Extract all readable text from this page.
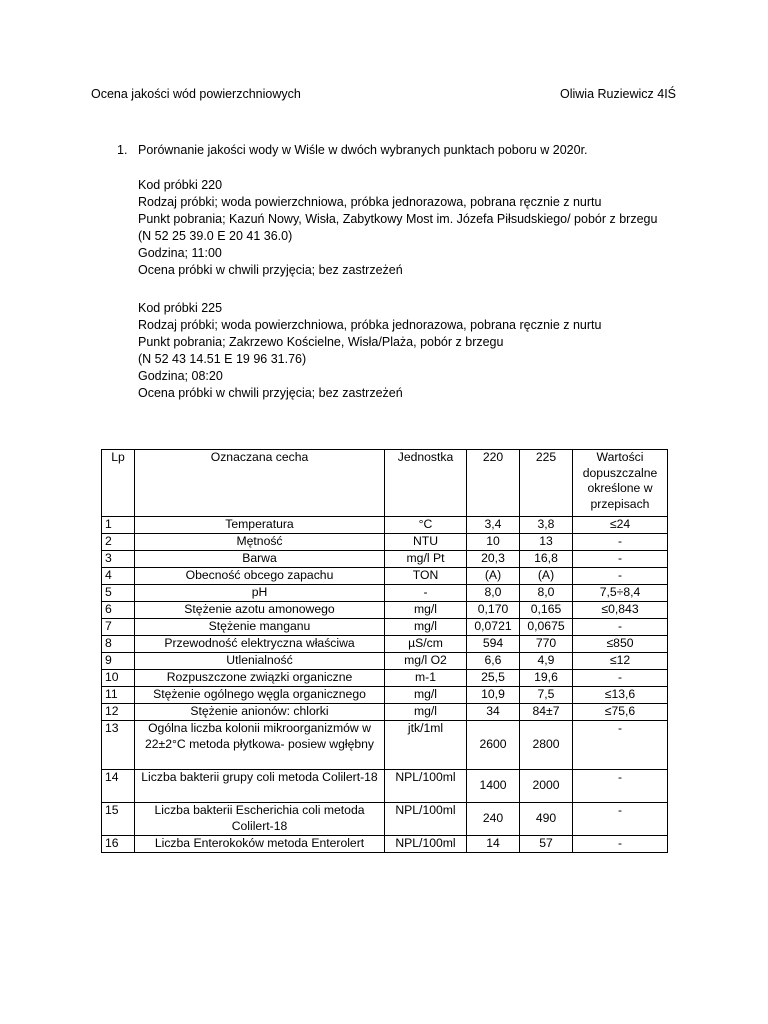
Ocena jakości wód powierzchniowych	Oliwia Ruziewicz 4IŚ
1. Porównanie jakości wody w Wiśle w dwóch wybranych punktach poboru w 2020r.
Kod próbki 220
Rodzaj próbki; woda powierzchniowa, próbka jednorazowa, pobrana ręcznie z nurtu
Punkt pobrania; Kazuń Nowy, Wisła, Zabytkowy Most im. Józefa Piłsudskiego/ pobór z brzegu
(N 52 25 39.0 E 20 41 36.0)
Godzina; 11:00
Ocena próbki w chwili przyjęcia; bez zastrzeżeń
Kod próbki 225
Rodzaj próbki; woda powierzchniowa, próbka jednorazowa, pobrana ręcznie z nurtu
Punkt pobrania; Zakrzewo Kościelne, Wisła/Plaża, pobór z brzegu
(N 52 43 14.51 E 19 96 31.76)
Godzina; 08:20
Ocena próbki w chwili przyjęcia; bez zastrzeżeń
Lp	Oznaczana cecha	Jednostka	220	225	Wartości dopuszczalne określone w przepisach
1	Temperatura	°C	3,4	3,8	≤24
2	Mętność	NTU	10	13	-
3	Barwa	mg/l Pt	20,3	16,8	-
4	Obecność obcego zapachu	TON	(A)	(A)	-
5	pH	-	8,0	8,0	7,5÷8,4
6	Stężenie azotu amonowego	mg/l	0,170	0,165	≤0,843
7	Stężenie manganu	mg/l	0,0721	0,0675	-
8	Przewodność elektryczna właściwa	µS/cm	594	770	≤850
9	Utlenialność	mg/l O2	6,6	4,9	≤12
10	Rozpuszczone związki organiczne	m-1	25,5	19,6	-
11	Stężenie ogólnego węgla organicznego	mg/l	10,9	7,5	≤13,6
12	Stężenie anionów: chlorki	mg/l	34	84±7	≤75,6
13	Ogólna liczba kolonii mikroorganizmów w 22±2°C metoda płytkowa- posiew wgłębny	jtk/1ml	2600	2800	-
14	Liczba bakterii grupy coli metoda Colilert-18	NPL/100ml	1400	2000	-
15	Liczba bakterii Escherichia coli metoda Colilert-18	NPL/100ml	240	490	-
16	Liczba Enterokoków metoda Enterolert	NPL/100ml	14	57	-
